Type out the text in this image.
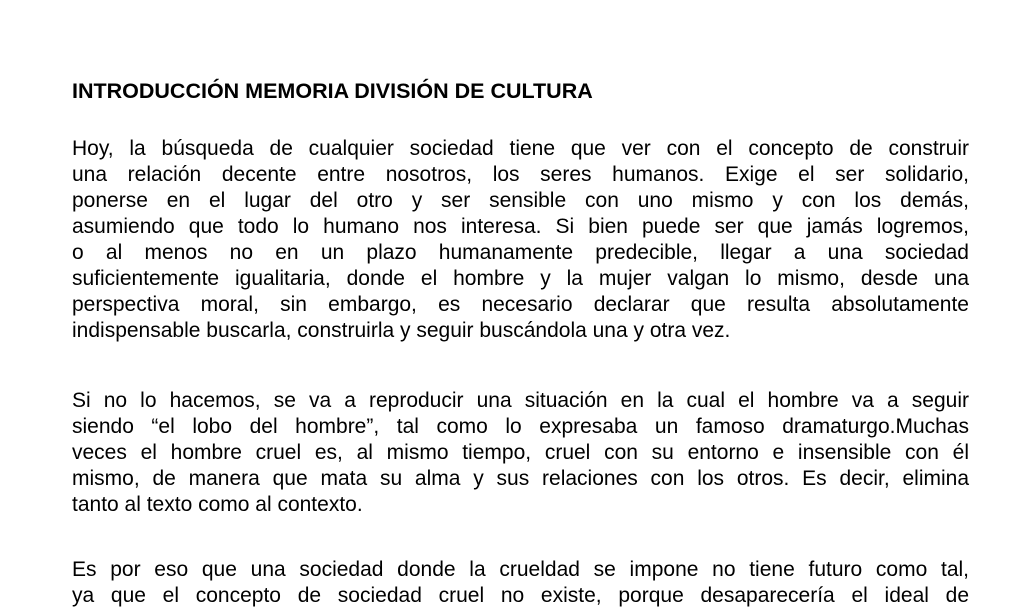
INTRODUCCIÓN MEMORIA DIVISIÓN DE CULTURA

Hoy, la búsqueda de cualquier sociedad tiene que ver con el concepto de construir
una relación decente entre nosotros, los seres humanos. Exige el ser solidario,
ponerse en el lugar del otro y ser sensible con uno mismo y con los demás,
asumiendo que todo lo humano nos interesa. Si bien puede ser que jamás logremos,
o al menos no en un plazo humanamente predecible, llegar a una sociedad
suficientemente igualitaria, donde el hombre y la mujer valgan lo mismo, desde una
perspectiva moral, sin embargo, es necesario declarar que resulta absolutamente
indispensable buscarla, construirla y seguir buscándola una y otra vez.

Si no lo hacemos, se va a reproducir una situación en la cual el hombre va a seguir
siendo “el lobo del hombre”, tal como lo expresaba un famoso dramaturgo.Muchas
veces el hombre cruel es, al mismo tiempo, cruel con su entorno e insensible con él
mismo, de manera que mata su alma y sus relaciones con los otros. Es decir, elimina
tanto al texto como al contexto.

Es por eso que una sociedad donde la crueldad se impone no tiene futuro como tal,
ya que el concepto de sociedad cruel no existe, porque desaparecería el ideal de
